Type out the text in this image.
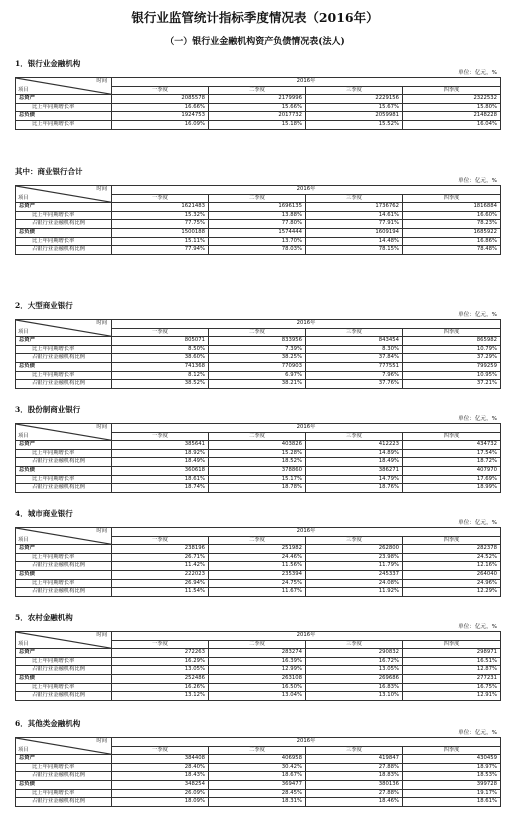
银行业监管统计指标季度情况表（2016年）
（一）银行业金融机构资产负债情况表(法人)
1．银行业金融机构
单位：亿元，%
时间
项目	2016年			
	一季度	二季度	三季度	四季度
总资产	2085578	2179996	2229156	2322532
比上年同期增长率	16.66%	15.66%	15.67%	15.80%
总负债	1924753	2017732	2059981	2148228
比上年同期增长率	16.09%	15.18%	15.52%	16.04%
其中：商业银行合计
单位：亿元，%
时间
项目	2016年			
	一季度	二季度	三季度	四季度
总资产	1621483	1696135	1736762	1816884
比上年同期增长率	15.32%	13.88%	14.61%	16.60%
占银行业金融机构比例	77.75%	77.80%	77.91%	78.23%
总负债	1500188	1574444	1609194	1685922
比上年同期增长率	15.11%	13.70%	14.48%	16.86%
占银行业金融机构比例	77.94%	78.03%	78.15%	78.48%
2．大型商业银行
单位：亿元，%
时间
项目	2016年			
	一季度	二季度	三季度	四季度
总资产	805071	833956	843454	865982
比上年同期增长率	8.50%	7.39%	8.30%	10.79%
占银行业金融机构比例	38.60%	38.25%	37.84%	37.29%
总负债	741368	770903	777551	799259
比上年同期增长率	8.12%	6.97%	7.96%	10.95%
占银行业金融机构比例	38.52%	38.21%	37.76%	37.21%
3．股份制商业银行
单位：亿元，%
时间
项目	2016年			
	一季度	二季度	三季度	四季度
总资产	385641	403826	412223	434732
比上年同期增长率	18.92%	15.28%	14.89%	17.54%
占银行业金融机构比例	18.49%	18.52%	18.49%	18.72%
总负债	360618	378860	386271	407970
比上年同期增长率	18.61%	15.17%	14.79%	17.69%
占银行业金融机构比例	18.74%	18.78%	18.76%	18.99%
4．城市商业银行
单位：亿元，%
时间
项目	2016年			
	一季度	二季度	三季度	四季度
总资产	238196	251982	262800	282378
比上年同期增长率	26.71%	24.46%	23.98%	24.52%
占银行业金融机构比例	11.42%	11.56%	11.79%	12.16%
总负债	222023	235394	245337	264040
比上年同期增长率	26.94%	24.75%	24.08%	24.96%
占银行业金融机构比例	11.54%	11.67%	11.92%	12.29%
5．农村金融机构
单位：亿元，%
时间
项目	2016年			
	一季度	二季度	三季度	四季度
总资产	272263	283274	290832	298971
比上年同期增长率	16.29%	16.39%	16.72%	16.51%
占银行业金融机构比例	13.05%	12.99%	13.05%	12.87%
总负债	252486	263108	269686	277231
比上年同期增长率	16.26%	16.50%	16.83%	16.75%
占银行业金融机构比例	13.12%	13.04%	13.10%	12.91%
6．其他类金融机构
单位：亿元，%
时间
项目	2016年			
	一季度	二季度	三季度	四季度
总资产	384408	406958	419847	430459
比上年同期增长率	28.40%	30.42%	27.88%	18.97%
占银行业金融机构比例	18.43%	18.67%	18.83%	18.53%
总负债	348254	369477	380136	399728
比上年同期增长率	26.09%	28.45%	27.88%	19.17%
占银行业金融机构比例	18.09%	18.31%	18.46%	18.61%
​
